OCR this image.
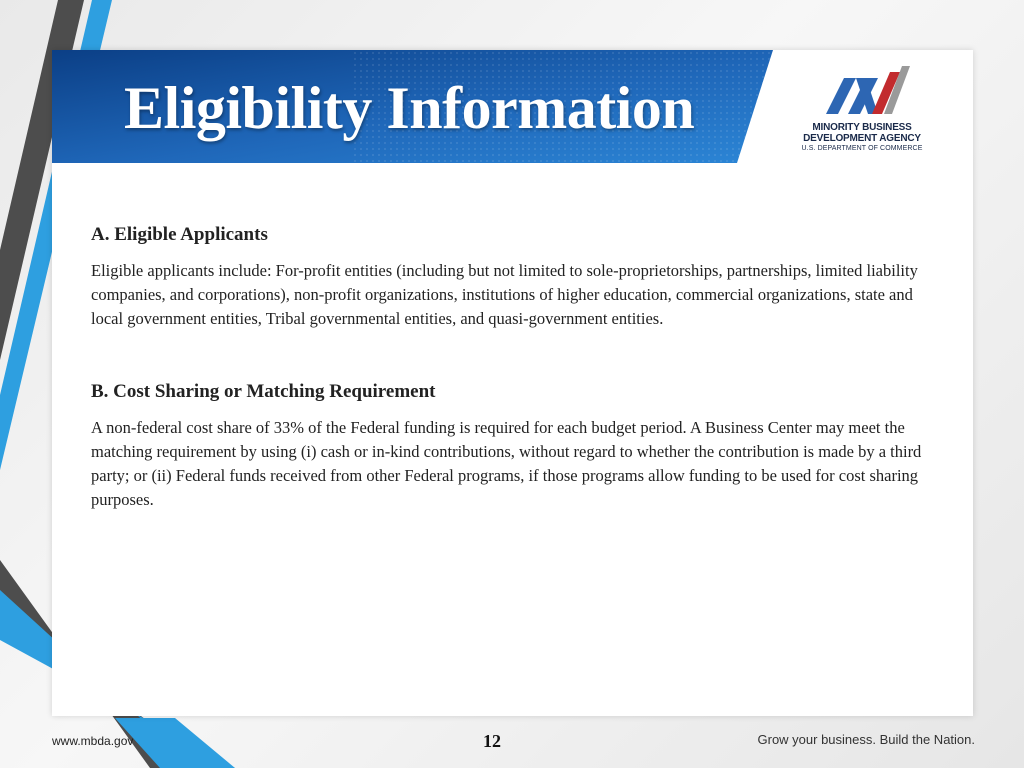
Eligibility Information	MINORITY BUSINESS
DEVELOPMENT AGENCY
U.S. DEPARTMENT OF COMMERCE
A. Eligible Applicants

Eligible applicants include: For-profit entities (including but not limited to sole-proprietorships, partnerships, limited liability companies, and corporations), non-profit organizations, institutions of higher education, commercial organizations, state and local government entities, Tribal governmental entities, and quasi-government entities.

B. Cost Sharing or Matching Requirement

A non-federal cost share of 33% of the Federal funding is required for each budget period. A Business Center may meet the matching requirement by using (i) cash or in-kind contributions, without regard to whether the contribution is made by a third party; or (ii) Federal funds received from other Federal programs, if those programs allow funding to be used for cost sharing purposes.

www.mbda.gov	12	Grow your business. Build the Nation.
